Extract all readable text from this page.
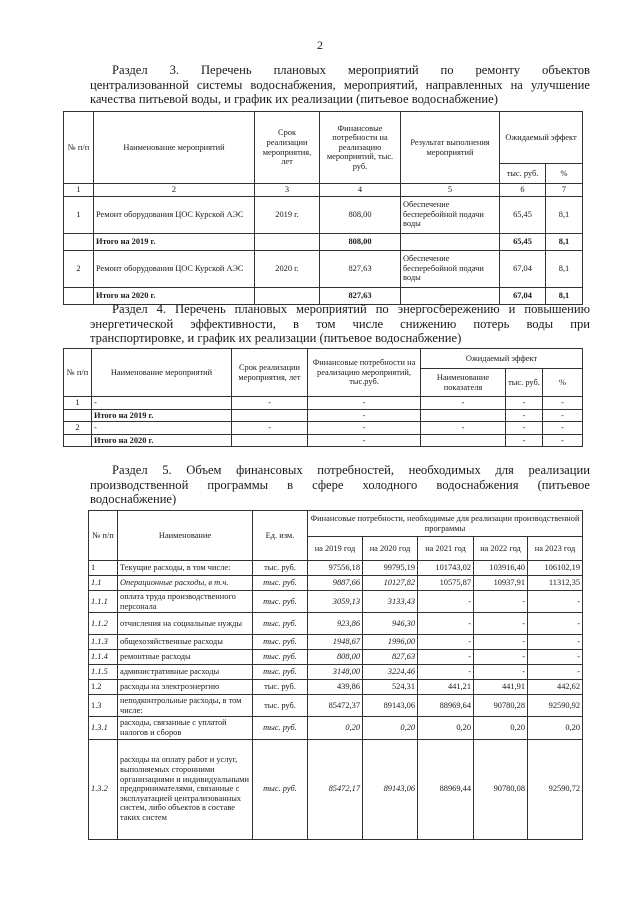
2
Раздел 3. Перечень плановых мероприятий по ремонту объектов
централизованной системы водоснабжения, мероприятий, направленных на улучшение
качества питьевой воды, и график их реализации (питьевое водоснабжение)
№ п/п	Наименование мероприятий	Срок реализации мероприятия, лет	Финансовые потребности на реализацию мероприятий, тыс. руб.	Результат выполнения мероприятий	Ожидаемый эффект	
					тыс. руб.	%
1	2	3	4	5	6	7
1	Ремонт оборудования ЦОС Курской АЭС	2019 г.	808,00	Обеспечение бесперебойной подачи воды	65,45	8,1
	Итого на 2019 г.		808,00		65,45	8,1
2	Ремонт оборудования ЦОС Курской АЭС	2020 г.	827,63	Обеспечение бесперебойной подачи воды	67,04	8,1
	Итого на 2020 г.		827,63		67,04	8,1
Раздел 4. Перечень плановых мероприятий по энергосбережению и повышению
энергетической эффективности, в том числе снижению потерь воды при
транспортировке, и график их реализации (питьевое водоснабжение)
№ п/п	Наименование мероприятий	Срок реализации мероприятия, лет	Финансовые потребности на реализацию мероприятий, тыс.руб.	Ожидаемый эффект		
				Наименование показателя	тыс. руб.	%
1	-	-	-	-	-	-
	Итого на 2019 г.		-		-	-
2	-	-	-	-	-	-
	Итого на 2020 г.		-		-	-
Раздел 5. Объем финансовых потребностей, необходимых для реализации
производственной программы в сфере холодного водоснабжения (питьевое
водоснабжение)
№ п/п	Наименование	Ед. изм.	Финансовые потребности, необходимые для реализации производственной программы				
			на 2019 год	на 2020 год	на 2021 год	на 2022 год	на 2023 год
1	Текущие расходы, в том числе:	тыс. руб.	97556,18	99795,19	101743,02	103916,40	106102,19
1.1	Операционные расходы, в т.ч.	тыс. руб.	9887,66	10127,82	10575,87	10937,91	11312,35
1.1.1	оплата труда производственного персонала	тыс. руб.	3059,13	3133,43	-	-	-
1.1.2	отчисления на социальные нужды	тыс. руб.	923,86	946,30	-	-	-
1.1.3	общехозяйственные расходы	тыс. руб.	1948,67	1996,00	-	-	-
1.1.4	ремонтные расходы	тыс. руб.	808,00	827,63	-	-	-
1.1.5	административные расходы	тыс. руб.	3148,00	3224,46	-	-	-
1.2	расходы на электроэнергию	тыс. руб.	439,86	524,31	441,21	441,91	442,62
1.3	неподконтрольные расходы, в том числе:	тыс. руб.	85472,37	89143,06	88969,64	90780,28	92590,92
1.3.1	расходы, связанные с уплатой налогов и сборов	тыс. руб.	0,20	0,20	0,20	0,20	0,20
1.3.2	расходы на оплату работ и услуг, выполняемых сторонними организациями и индивидуальными предпринимателями, связанные с эксплуатацией централизованных систем, либо объектов в составе таких систем	тыс. руб.	85472,17	89143,06	88969,44	90780,08	92590,72
